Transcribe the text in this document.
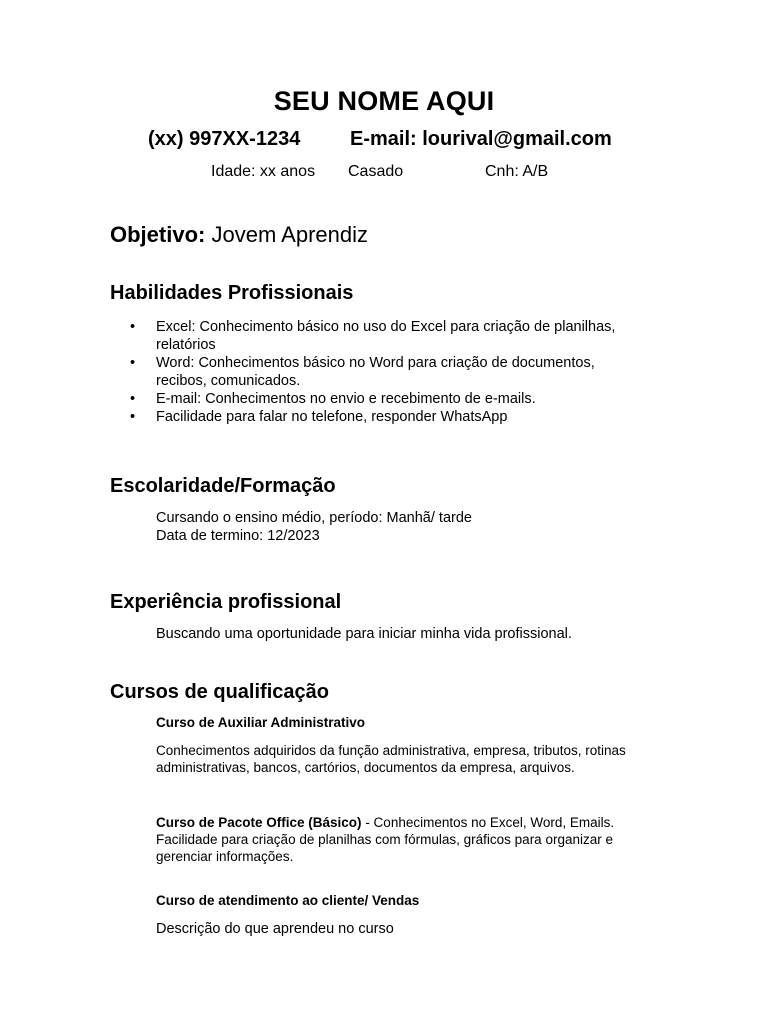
SEU NOME AQUI
(xx) 997XX-1234 E-mail: lourival@gmail.com
Idade: xx anos Casado	Cnh: A/B
Objetivo: Jovem Aprendiz
Habilidades Profissionais
• Excel: Conhecimento básico no uso do Excel para criação de planilhas,
relatórios
• Word: Conhecimentos básico no Word para criação de documentos,
recibos, comunicados.
• E-mail: Conhecimentos no envio e recebimento de e-mails.
• Facilidade para falar no telefone, responder WhatsApp
Escolaridade/Formação
Cursando o ensino médio, período: Manhã/ tarde
Data de termino: 12/2023
Experiência profissional
Buscando uma oportunidade para iniciar minha vida profissional.
Cursos de qualificação
Curso de Auxiliar Administrativo
Conhecimentos adquiridos da função administrativa, empresa, tributos, rotinas
administrativas, bancos, cartórios, documentos da empresa, arquivos.
Curso de Pacote Office (Básico) - Conhecimentos no Excel, Word, Emails.
Facilidade para criação de planilhas com fórmulas, gráficos para organizar e
gerenciar informações.
Curso de atendimento ao cliente/ Vendas
Descrição do que aprendeu no curso
